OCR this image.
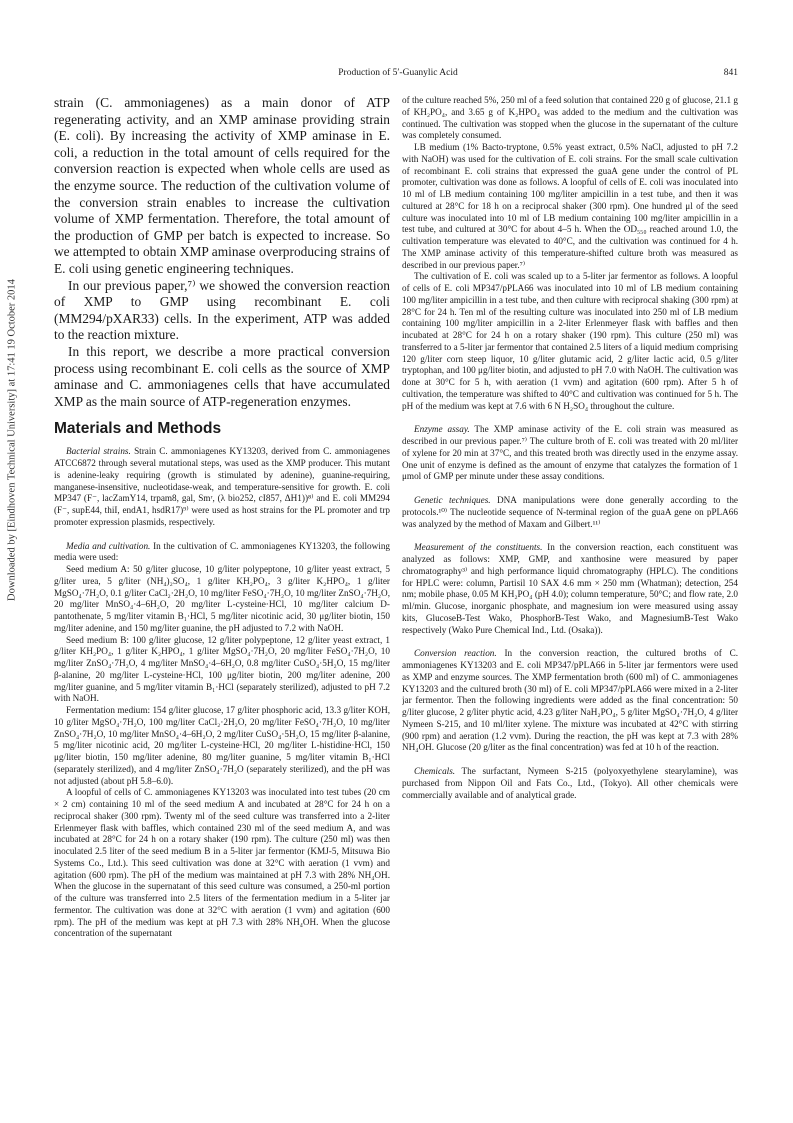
Production of 5′-Guanylic Acid	841
Downloaded by [Eindhoven Technical University] at 17:41 19 October 2014

strain (C. ammoniagenes) as a main donor of ATP regenerating activity, and an XMP aminase providing strain (E. coli). By increasing the activity of XMP aminase in E. coli, a reduction in the total amount of cells required for the conversion reaction is expected when whole cells are used as the enzyme source. The reduction of the cultivation volume of the conversion strain enables to increase the cultivation volume of XMP fermentation. Therefore, the total amount of the production of GMP per batch is expected to increase. So we attempted to obtain XMP aminase overproducing strains of E. coli using genetic engineering techniques.

In our previous paper,⁷⁾ we showed the conversion reaction of XMP to GMP using recombinant E. coli (MM294/pXAR33) cells. In the experiment, ATP was added to the reaction mixture.

In this report, we describe a more practical conversion process using recombinant E. coli cells as the source of XMP aminase and C. ammoniagenes cells that have accumulated XMP as the main source of ATP-regeneration enzymes.

Materials and Methods

Bacterial strains. Strain C. ammoniagenes KY13203, derived from C. ammoniagenes ATCC6872 through several mutational steps, was used as the XMP producer. This mutant is adenine-leaky requiring (growth is stimulated by adenine), guanine-requiring, manganese-insensitive, nucleotidase-weak, and temperature-sensitive for growth. E. coli MP347 (F⁻, lacZamY14, trpam8, gal, Smʳ, (λ bio252, cI857, ΔH1))⁸⁾ and E. coli MM294 (F⁻, supE44, thiI, endA1, hsdR17)⁹⁾ were used as host strains for the PL promoter and trp promoter expression plasmids, respectively.

Media and cultivation. In the cultivation of C. ammoniagenes KY13203, the following media were used:

Seed medium A: 50 g/liter glucose, 10 g/liter polypeptone, 10 g/liter yeast extract, 5 g/liter urea, 5 g/liter (NH₄)₂SO₄, 1 g/liter KH₂PO₄, 3 g/liter K₂HPO₄, 1 g/liter MgSO₄·7H₂O, 0.1 g/liter CaCl₂·2H₂O, 10 mg/liter FeSO₄·7H₂O, 10 mg/liter ZnSO₄·7H₂O, 20 mg/liter MnSO₄·4–6H₂O, 20 mg/liter L-cysteine·HCl, 10 mg/liter calcium D-pantothenate, 5 mg/liter vitamin B₁·HCl, 5 mg/liter nicotinic acid, 30 μg/liter biotin, 150 mg/liter adenine, and 150 mg/liter guanine, the pH adjusted to 7.2 with NaOH.

Seed medium B: 100 g/liter glucose, 12 g/liter polypeptone, 12 g/liter yeast extract, 1 g/liter KH₂PO₄, 1 g/liter K₂HPO₄, 1 g/liter MgSO₄·7H₂O, 20 mg/liter FeSO₄·7H₂O, 10 mg/liter ZnSO₄·7H₂O, 4 mg/liter MnSO₄·4–6H₂O, 0.8 mg/liter CuSO₄·5H₂O, 15 mg/liter β-alanine, 20 mg/liter L-cysteine·HCl, 100 μg/liter biotin, 200 mg/liter adenine, 200 mg/liter guanine, and 5 mg/liter vitamin B₁·HCl (separately sterilized), adjusted to pH 7.2 with NaOH.

Fermentation medium: 154 g/liter glucose, 17 g/liter phosphoric acid, 13.3 g/liter KOH, 10 g/liter MgSO₄·7H₂O, 100 mg/liter CaCl₂·2H₂O, 20 mg/liter FeSO₄·7H₂O, 10 mg/liter ZnSO₄·7H₂O, 10 mg/liter MnSO₄·4–6H₂O, 2 mg/liter CuSO₄·5H₂O, 15 mg/liter β-alanine, 5 mg/liter nicotinic acid, 20 mg/liter L-cysteine·HCl, 20 mg/liter L-histidine·HCl, 150 μg/liter biotin, 150 mg/liter adenine, 80 mg/liter guanine, 5 mg/liter vitamin B₁·HCl (separately sterilized), and 4 mg/liter ZnSO₄·7H₂O (separately sterilized), and the pH was not adjusted (about pH 5.8–6.0).

A loopful of cells of C. ammoniagenes KY13203 was inoculated into test tubes (20 cm × 2 cm) containing 10 ml of the seed medium A and incubated at 28°C for 24 h on a reciprocal shaker (300 rpm). Twenty ml of the seed culture was transferred into a 2-liter Erlenmeyer flask with baffles, which contained 230 ml of the seed medium A, and was incubated at 28°C for 24 h on a rotary shaker (190 rpm). The culture (250 ml) was then inoculated 2.5 liter of the seed medium B in a 5-liter jar fermentor (KMJ-5, Mitsuwa Bio Systems Co., Ltd.). This seed cultivation was done at 32°C with aeration (1 vvm) and agitation (600 rpm). The pH of the medium was maintained at pH 7.3 with 28% NH₄OH. When the glucose in the supernatant of this seed culture was consumed, a 250-ml portion of the culture was transferred into 2.5 liters of the fermentation medium in a 5-liter jar fermentor. The cultivation was done at 32°C with aeration (1 vvm) and agitation (600 rpm). The pH of the medium was kept at pH 7.3 with 28% NH₄OH. When the glucose concentration of the supernatant

of the culture reached 5%, 250 ml of a feed solution that contained 220 g of glucose, 21.1 g of KH₂PO₄, and 3.65 g of K₂HPO₄ was added to the medium and the cultivation was continued. The cultivation was stopped when the glucose in the supernatant of the culture was completely consumed.

LB medium (1% Bacto-tryptone, 0.5% yeast extract, 0.5% NaCl, adjusted to pH 7.2 with NaOH) was used for the cultivation of E. coli strains. For the small scale cultivation of recombinant E. coli strains that expressed the guaA gene under the control of PL promoter, cultivation was done as follows. A loopful of cells of E. coli was inoculated into 10 ml of LB medium containing 100 mg/liter ampicillin in a test tube, and then it was cultured at 28°C for 18 h on a reciprocal shaker (300 rpm). One hundred μl of the seed culture was inoculated into 10 ml of LB medium containing 100 mg/liter ampicillin in a test tube, and cultured at 30°C for about 4–5 h. When the OD₅₅₀ reached around 1.0, the cultivation temperature was elevated to 40°C, and the cultivation was continued for 4 h. The XMP aminase activity of this temperature-shifted culture broth was measured as described in our previous paper.⁷⁾

The cultivation of E. coli was scaled up to a 5-liter jar fermentor as follows. A loopful of cells of E. coli MP347/pPLA66 was inoculated into 10 ml of LB medium containing 100 mg/liter ampicillin in a test tube, and then culture with reciprocal shaking (300 rpm) at 28°C for 24 h. Ten ml of the resulting culture was inoculated into 250 ml of LB medium containing 100 mg/liter ampicillin in a 2-liter Erlenmeyer flask with baffles and then incubated at 28°C for 24 h on a rotary shaker (190 rpm). This culture (250 ml) was transferred to a 5-liter jar fermentor that contained 2.5 liters of a liquid medium comprising 120 g/liter corn steep liquor, 10 g/liter glutamic acid, 2 g/liter lactic acid, 0.5 g/liter tryptophan, and 100 μg/liter biotin, and adjusted to pH 7.0 with NaOH. The cultivation was done at 30°C for 5 h, with aeration (1 vvm) and agitation (600 rpm). After 5 h of cultivation, the temperature was shifted to 40°C and cultivation was continued for 5 h. The pH of the medium was kept at 7.6 with 6 N H₂SO₄ throughout the culture.

Enzyme assay. The XMP aminase activity of the E. coli strain was measured as described in our previous paper.⁷⁾ The culture broth of E. coli was treated with 20 ml/liter of xylene for 20 min at 37°C, and this treated broth was directly used in the enzyme assay. One unit of enzyme is defined as the amount of enzyme that catalyzes the formation of 1 μmol of GMP per minute under these assay conditions.

Genetic techniques. DNA manipulations were done generally according to the protocols.¹⁰⁾ The nucleotide sequence of N-terminal region of the guaA gene on pPLA66 was analyzed by the method of Maxam and Gilbert.¹¹⁾

Measurement of the constituents. In the conversion reaction, each constituent was analyzed as follows: XMP, GMP, and xanthosine were measured by paper chromatography³⁾ and high performance liquid chromatography (HPLC). The conditions for HPLC were: column, Partisil 10 SAX 4.6 mm × 250 mm (Whatman); detection, 254 nm; mobile phase, 0.05 M KH₂PO₄ (pH 4.0); column temperature, 50°C; and flow rate, 2.0 ml/min. Glucose, inorganic phosphate, and magnesium ion were measured using assay kits, GlucoseB-Test Wako, PhosphorB-Test Wako, and MagnesiumB-Test Wako respectively (Wako Pure Chemical Ind., Ltd. (Osaka)).

Conversion reaction. In the conversion reaction, the cultured broths of C. ammoniagenes KY13203 and E. coli MP347/pPLA66 in 5-liter jar fermentors were used as XMP and enzyme sources. The XMP fermentation broth (600 ml) of C. ammoniagenes KY13203 and the cultured broth (30 ml) of E. coli MP347/pPLA66 were mixed in a 2-liter jar fermentor. Then the following ingredients were added as the final concentration: 50 g/liter glucose, 2 g/liter phytic acid, 4.23 g/liter NaH₂PO₄, 5 g/liter MgSO₄·7H₂O, 4 g/liter Nymeen S-215, and 10 ml/liter xylene. The mixture was incubated at 42°C with stirring (900 rpm) and aeration (1.2 vvm). During the reaction, the pH was kept at 7.3 with 28% NH₄OH. Glucose (20 g/liter as the final concentration) was fed at 10 h of the reaction.

Chemicals. The surfactant, Nymeen S-215 (polyoxyethylene stearylamine), was purchased from Nippon Oil and Fats Co., Ltd., (Tokyo). All other chemicals were commercially available and of analytical grade.
